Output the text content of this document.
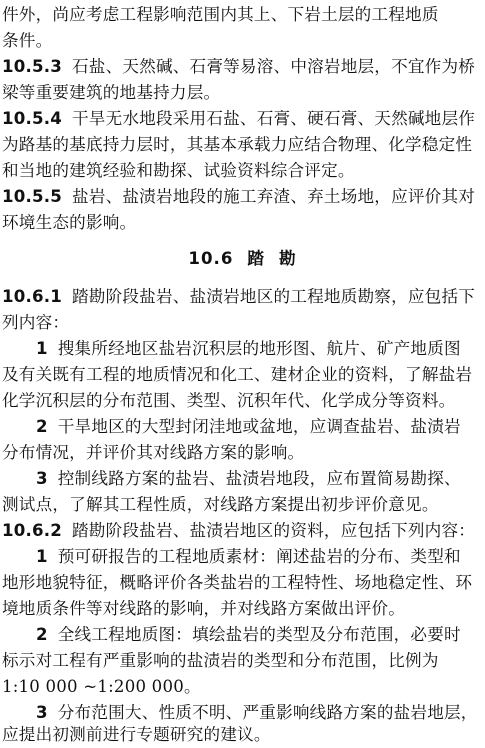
件外，尚应考虑工程影响范围内其上、下岩土层的工程地质
条件。
10.5.3 石盐、天然碱、石膏等易溶、中溶岩地层，不宜作为桥
梁等重要建筑的地基持力层。
10.5.4 干旱无水地段采用石盐、石膏、硬石膏、天然碱地层作
为路基的基底持力层时，其基本承载力应结合物理、化学稳定性
和当地的建筑经验和勘探、试验资料综合评定。
10.5.5 盐岩、盐渍岩地段的施工弃渣、弃土场地，应评价其对
环境生态的影响。
10.6 踏 勘
10.6.1 踏勘阶段盐岩、盐渍岩地区的工程地质勘察，应包括下
列内容：
1 搜集所经地区盐岩沉积层的地形图、航片、矿产地质图
及有关既有工程的地质情况和化工、建材企业的资料，了解盐岩
化学沉积层的分布范围、类型、沉积年代、化学成分等资料。
2 干旱地区的大型封闭洼地或盆地，应调查盐岩、盐渍岩
分布情况，并评价其对线路方案的影响。
3 控制线路方案的盐岩、盐渍岩地段，应布置简易勘探、
测试点，了解其工程性质，对线路方案提出初步评价意见。
10.6.2 踏勘阶段盐岩、盐渍岩地区的资料，应包括下列内容：
1 预可研报告的工程地质素材：阐述盐岩的分布、类型和
地形地貌特征，概略评价各类盐岩的工程特性、场地稳定性、环
境地质条件等对线路的影响，并对线路方案做出评价。
2 全线工程地质图：填绘盐岩的类型及分布范围，必要时
标示对工程有严重影响的盐渍岩的类型和分布范围，比例为
1:10 000 ~1:200 000。
3 分布范围大、性质不明、严重影响线路方案的盐岩地层，
应提出初测前进行专题研究的建议。
